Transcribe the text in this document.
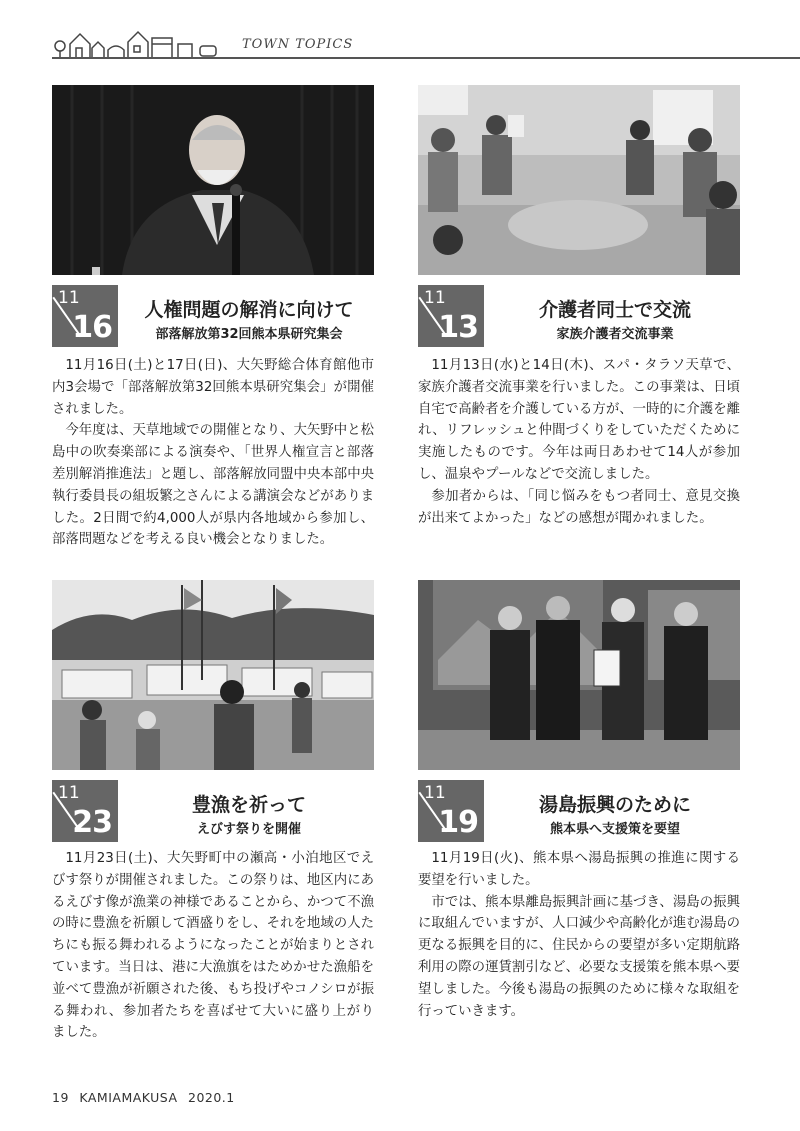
TOWN TOPICS
11
16	人権問題の解消に向けて
部落解放第32回熊本県研究集会

11月16日(土)と17日(日)、大矢野総合体育館他市内3会場で「部落解放第32回熊本県研究集会」が開催されました。

今年度は、天草地域での開催となり、大矢野中と松島中の吹奏楽部による演奏や、「世界人権宣言と部落差別解消推進法」と題し、部落解放同盟中央本部中央執行委員長の組坂繁之さんによる講演会などがありました。2日間で約4,000人が県内各地域から参加し、部落問題などを考える良い機会となりました。

11
13	介護者同士で交流
家族介護者交流事業

11月13日(水)と14日(木)、スパ・タラソ天草で、家族介護者交流事業を行いました。この事業は、日頃自宅で高齢者を介護している方が、一時的に介護を離れ、リフレッシュと仲間づくりをしていただくために実施したものです。今年は両日あわせて14人が参加し、温泉やプールなどで交流しました。

参加者からは、「同じ悩みをもつ者同士、意見交換が出来てよかった」などの感想が聞かれました。

11
23	豊漁を祈って
えびす祭りを開催

11月23日(土)、大矢野町中の瀬高・小泊地区でえびす祭りが開催されました。この祭りは、地区内にあるえびす像が漁業の神様であることから、かつて不漁の時に豊漁を祈願して酒盛りをし、それを地域の人たちにも振る舞われるようになったことが始まりとされています。当日は、港に大漁旗をはためかせた漁船を並べて豊漁が祈願された後、もち投げやコノシロが振る舞われ、参加者たちを喜ばせて大いに盛り上がりました。

11
19	湯島振興のために
熊本県へ支援策を要望

11月19日(火)、熊本県へ湯島振興の推進に関する要望を行いました。

市では、熊本県離島振興計画に基づき、湯島の振興に取組んでいますが、人口減少や高齢化が進む湯島の更なる振興を目的に、住民からの要望が多い定期航路利用の際の運賃割引など、必要な支援策を熊本県へ要望しました。今後も湯島の振興のために様々な取組を行っていきます。

19 KAMIAMAKUSA 2020.1
